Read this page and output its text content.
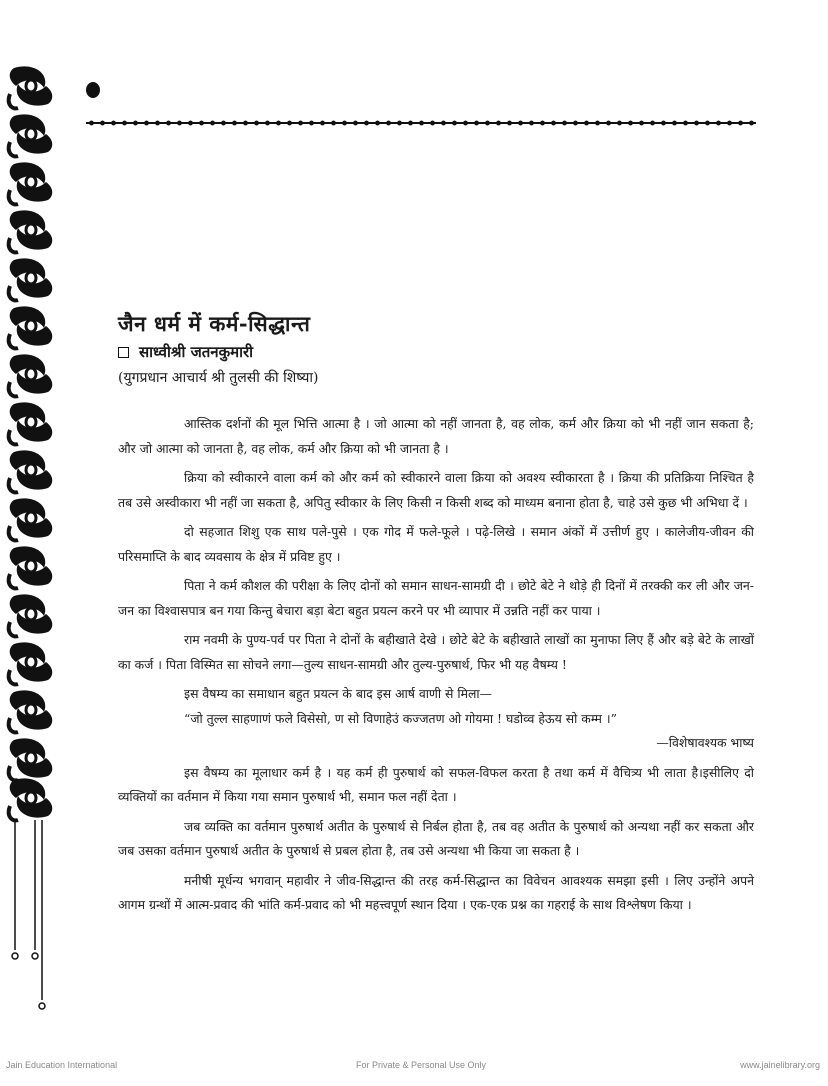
जैन धर्म में कर्म-सिद्धान्त
साध्वीश्री जतनकुमारी
(युगप्रधान आचार्य श्री तुलसी की शिष्या)

आस्तिक दर्शनों की मूल भित्ति आत्मा है । जो आत्मा को नहीं जानता है, वह लोक, कर्म और क्रिया को भी नहीं जान सकता है; और जो आत्मा को जानता है, वह लोक, कर्म और क्रिया को भी जानता है ।

क्रिया को स्वीकारने वाला कर्म को और कर्म को स्वीकारने वाला क्रिया को अवश्य स्वीकारता है । क्रिया की प्रतिक्रिया निश्चित है तब उसे अस्वीकारा भी नहीं जा सकता है, अपितु स्वीकार के लिए किसी न किसी शब्द को माध्यम बनाना होता है, चाहे उसे कुछ भी अभिधा दें ।

दो सहजात शिशु एक साथ पले-पुसे । एक गोद में फले-फूले । पढ़े-लिखे । समान अंकों में उत्तीर्ण हुए । कालेजीय-जीवन की परिसमाप्ति के बाद व्यवसाय के क्षेत्र में प्रविष्ट हुए ।

पिता ने कर्म कौशल की परीक्षा के लिए दोनों को समान साधन-सामग्री दी । छोटे बेटे ने थोड़े ही दिनों में तरक्की कर ली और जन-जन का विश्वासपात्र बन गया किन्तु बेचारा बड़ा बेटा बहुत प्रयत्न करने पर भी व्यापार में उन्नति नहीं कर पाया ।

राम नवमी के पुण्य-पर्व पर पिता ने दोनों के बहीखाते देखे । छोटे बेटे के बहीखाते लाखों का मुनाफा लिए हैं और बड़े बेटे के लाखों का कर्ज । पिता विस्मित सा सोचने लगा—तुल्य साधन-सामग्री और तुल्य-पुरुषार्थ, फिर भी यह वैषम्य !

इस वैषम्य का समाधान बहुत प्रयत्न के बाद इस आर्ष वाणी से मिला—

“जो तुल्ल साहणाणं फले विसेसो, ण सो विणाहेउं कज्जतण ओ गोयमा ! घडोव्व हेऊय सो कम्म ।”

—विशेषावश्यक भाष्य

इस वैषम्य का मूलाधार कर्म है । यह कर्म ही पुरुषार्थ को सफल-विफल करता है तथा कर्म में वैचित्र्य भी लाता है।इसीलिए दो व्यक्तियों का वर्तमान में किया गया समान पुरुषार्थ भी, समान फल नहीं देता ।

जब व्यक्ति का वर्तमान पुरुषार्थ अतीत के पुरुषार्थ से निर्बल होता है, तब वह अतीत के पुरुषार्थ को अन्यथा नहीं कर सकता और जब उसका वर्तमान पुरुषार्थ अतीत के पुरुषार्थ से प्रबल होता है, तब उसे अन्यथा भी किया जा सकता है ।

मनीषी मूर्धन्य भगवान् महावीर ने जीव-सिद्धान्त की तरह कर्म-सिद्धान्त का विवेचन आवश्यक समझा इसी । लिए उन्होंने अपने आगम ग्रन्थों में आत्म-प्रवाद की भांति कर्म-प्रवाद को भी महत्त्वपूर्ण स्थान दिया । एक-एक प्रश्न का गहराई के साथ विश्लेषण किया ।

Jain Education International	For Private & Personal Use Only	www.jainelibrary.org
